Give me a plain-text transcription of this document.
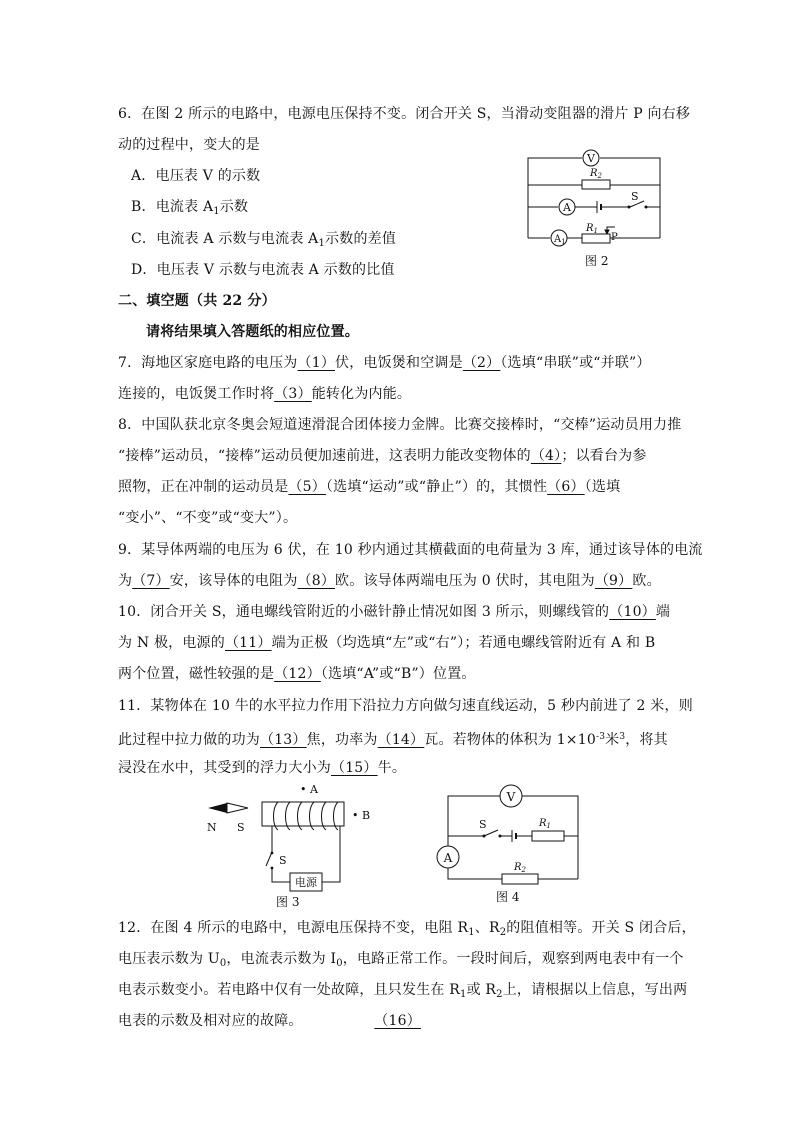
6．在图 2 所示的电路中，电源电压保持不变。闭合开关 S，当滑动变阻器的滑片 P 向右移
动的过程中，变大的是
A．电压表 V 的示数
B．电流表 $A_1$示数
C．电流表 A 示数与电流表 $A_1$示数的差值
D．电压表 V 示数与电流表 A 示数的比值
V
$R_2$
A
S
$A_1$
$R_1$
P
图 2
二、填空题（共 22 分）
请将结果填入答题纸的相应位置。
7．海地区家庭电路的电压为（1）伏，电饭煲和空调是（2）（选填“串联”或“并联”）
连接的，电饭煲工作时将（3）能转化为内能。
8．中国队获北京冬奥会短道速滑混合团体接力金牌。比赛交接棒时，“交棒”运动员用力推
“接棒”运动员，“接棒”运动员便加速前进，这表明力能改变物体的（4）；以看台为参
照物，正在冲制的运动员是（5）（选填“运动”或“静止”）的，其惯性（6）（选填
“变小”、“不变”或“变大”）。
9．某导体两端的电压为 6 伏，在 10 秒内通过其横截面的电荷量为 3 库，通过该导体的电流
为（7）安，该导体的电阻为（8）欧。该导体两端电压为 0 伏时，其电阻为（9）欧。
10．闭合开关 S，通电螺线管附近的小磁针静止情况如图 3 所示，则螺线管的（10）端
为 N 极，电源的（11）端为正极（均选填“左”或“右”）；若通电螺线管附近有 A 和 B
两个位置，磁性较强的是（12）（选填“A”或“B”）位置。
11．某物体在 10 牛的水平拉力作用下沿拉力方向做匀速直线运动，5 秒内前进了 2 米，则
此过程中拉力做的功为（13）焦，功率为（14）瓦。若物体的体积为 $1\times 10^{-3}$米$^3$，将其
浸没在水中，其受到的浮力大小为（15）牛。
N S
• A
• B
S
电源
图 3
V
S	$R_1$
A
$R_2$
图 4
12．在图 4 所示的电路中，电源电压保持不变，电阻 $R_1$、$R_2$的阻值相等。开关 S 闭合后，
电压表示数为 $U_0$，电流表示数为 $I_0$，电路正常工作。一段时间后，观察到两电表中有一个
电表示数变小。若电路中仅有一处故障，且只发生在 $R_1$或 $R_2$上，请根据以上信息，写出两
电表的示数及相对应的故障。	（16）
